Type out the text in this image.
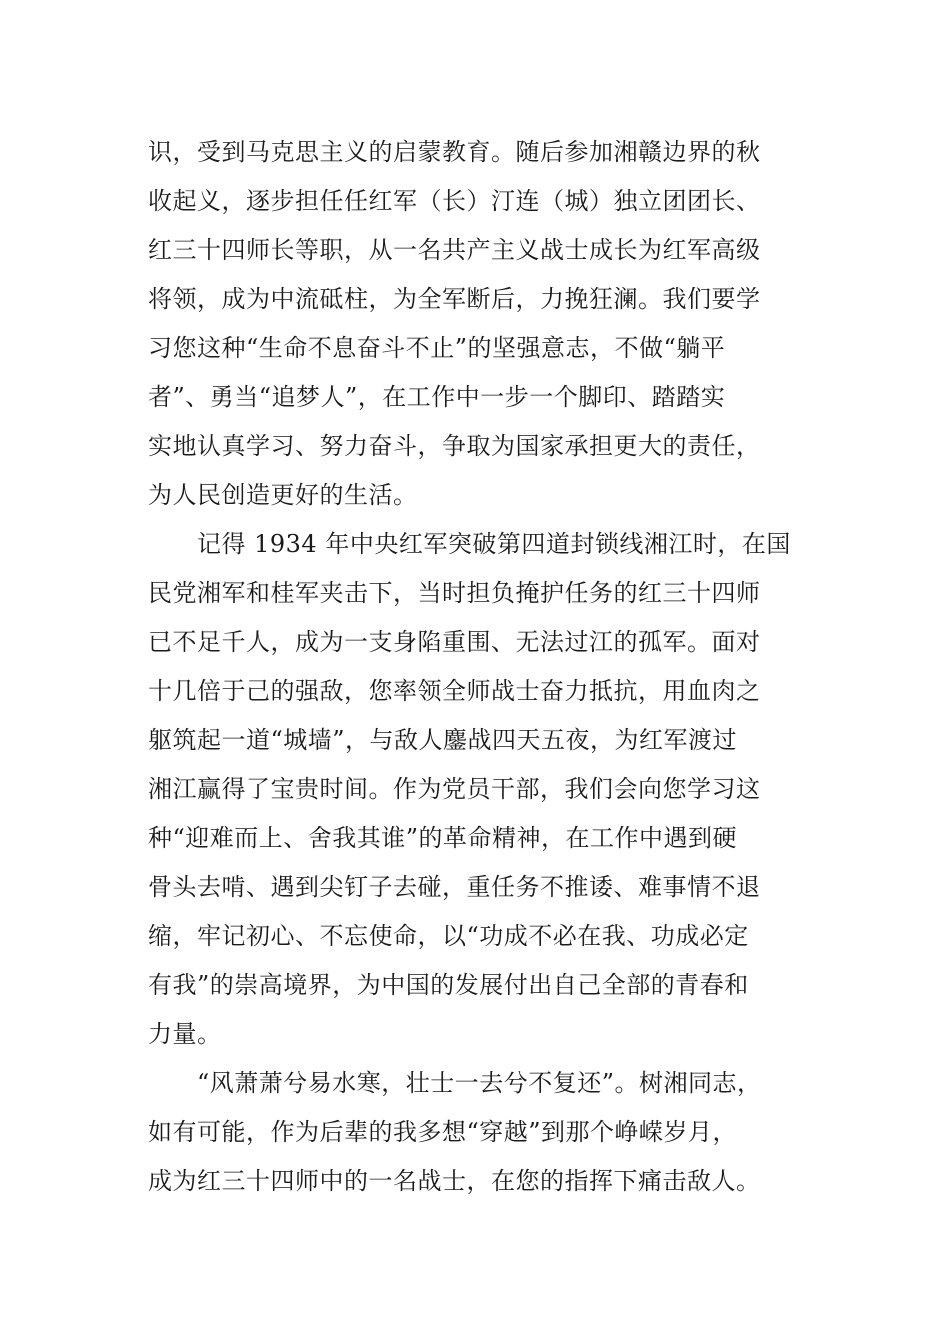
识，受到马克思主义的启蒙教育。随后参加湘赣边界的秋
收起义，逐步担任任红军（长）汀连（城）独立团团长、
红三十四师长等职，从一名共产主义战士成长为红军高级
将领，成为中流砥柱，为全军断后，力挽狂澜。我们要学
习您这种“生命不息奋斗不止”的坚强意志，不做“躺平
者”、勇当“追梦人”，在工作中一步一个脚印、踏踏实
实地认真学习、努力奋斗，争取为国家承担更大的责任，
为人民创造更好的生活。
　　记得 1934 年中央红军突破第四道封锁线湘江时，在国
民党湘军和桂军夹击下，当时担负掩护任务的红三十四师
已不足千人，成为一支身陷重围、无法过江的孤军。面对
十几倍于己的强敌，您率领全师战士奋力抵抗，用血肉之
躯筑起一道“城墙”，与敌人鏖战四天五夜，为红军渡过
湘江赢得了宝贵时间。作为党员干部，我们会向您学习这
种“迎难而上、舍我其谁”的革命精神，在工作中遇到硬
骨头去啃、遇到尖钉子去碰，重任务不推诿、难事情不退
缩，牢记初心、不忘使命，以“功成不必在我、功成必定
有我”的崇高境界，为中国的发展付出自己全部的青春和
力量。
　　“风萧萧兮易水寒，壮士一去兮不复还”。树湘同志，
如有可能，作为后辈的我多想“穿越”到那个峥嵘岁月，
成为红三十四师中的一名战士，在您的指挥下痛击敌人。
